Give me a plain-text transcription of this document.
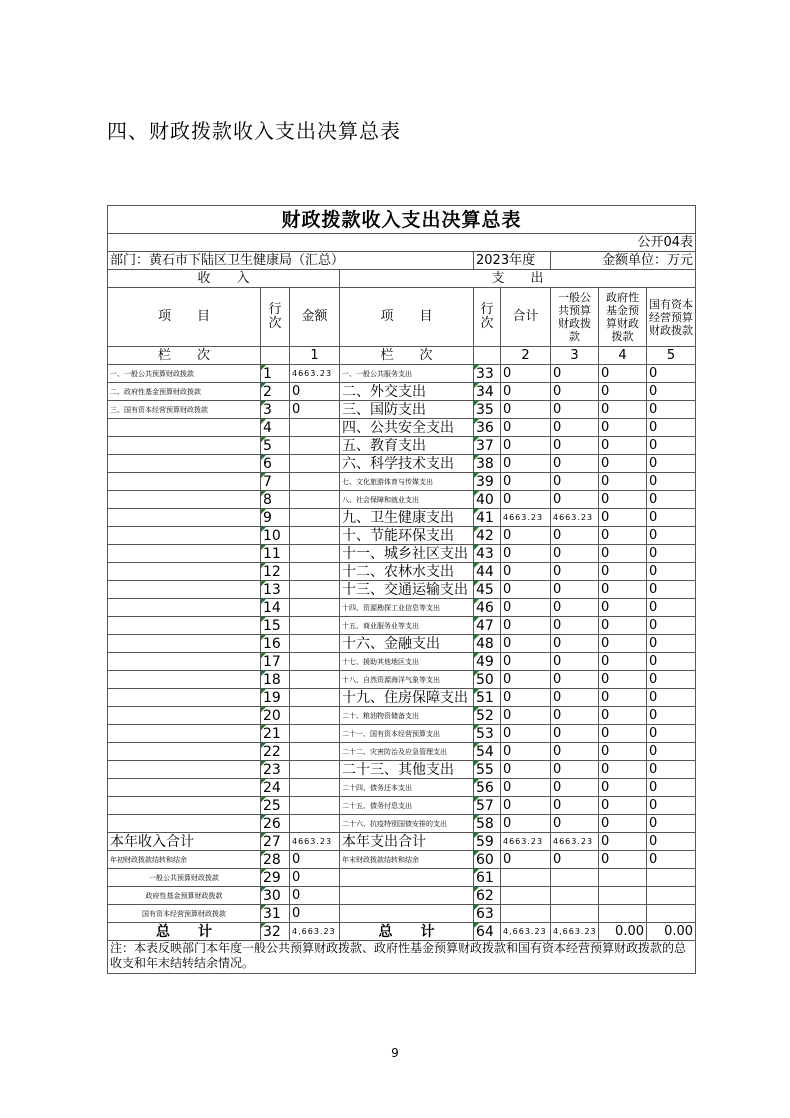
四、财政拨款收入支出决算总表
财政拨款收入支出决算总表								
公开04表								
部门：黄石市下陆区卫生健康局（汇总）				2023年度		金额单位：万元		
收　　入			支　　出					
项　　目	行次	金额	项　　目	行次	合计	一般公共预算财政拨款	政府性基金预算财政拨款	国有资本经营预算财政拨款
栏　　次		1	栏　　次		2	3	4	5
一、一般公共预算财政拨款	1	4663.23	一、一般公共服务支出	33	0	0	0	0
二、政府性基金预算财政拨款	2	0	二、外交支出	34	0	0	0	0
三、国有资本经营预算财政拨款	3	0	三、国防支出	35	0	0	0	0
	4		四、公共安全支出	36	0	0	0	0
	5		五、教育支出	37	0	0	0	0
	6		六、科学技术支出	38	0	0	0	0
	7		七、文化旅游体育与传媒支出	39	0	0	0	0
	8		八、社会保障和就业支出	40	0	0	0	0
	9		九、卫生健康支出	41	4663.23	4663.23	0	0
	10		十、节能环保支出	42	0	0	0	0
	11		十一、城乡社区支出	43	0	0	0	0
	12		十二、农林水支出	44	0	0	0	0
	13		十三、交通运输支出	45	0	0	0	0
	14		十四、资源勘探工业信息等支出	46	0	0	0	0
	15		十五、商业服务业等支出	47	0	0	0	0
	16		十六、金融支出	48	0	0	0	0
	17		十七、援助其他地区支出	49	0	0	0	0
	18		十八、自然资源海洋气象等支出	50	0	0	0	0
	19		十九、住房保障支出	51	0	0	0	0
	20		二十、粮油物资储备支出	52	0	0	0	0
	21		二十一、国有资本经营预算支出	53	0	0	0	0
	22		二十二、灾害防治及应急管理支出	54	0	0	0	0
	23		二十三、其他支出	55	0	0	0	0
	24		二十四、债务还本支出	56	0	0	0	0
	25		二十五、债务付息支出	57	0	0	0	0
	26		二十六、抗疫特别国债安排的支出	58	0	0	0	0
本年收入合计	27	4663.23	本年支出合计	59	4663.23	4663.23	0	0
年初财政拨款结转和结余	28	0	年末财政拨款结转和结余	60	0	0	0	0
一般公共预算财政拨款	29	0		61				
政府性基金预算财政拨款	30	0		62				
国有资本经营预算财政拨款	31	0		63				
总　　计	32	4,663.23	总　　计	64	4,663.23	4,663.23	0.00	0.00
注：本表反映部门本年度一般公共预算财政拨款、政府性基金预算财政拨款和国有资本经营预算财政拨款的总收支和年末结转结余情况。								
9
